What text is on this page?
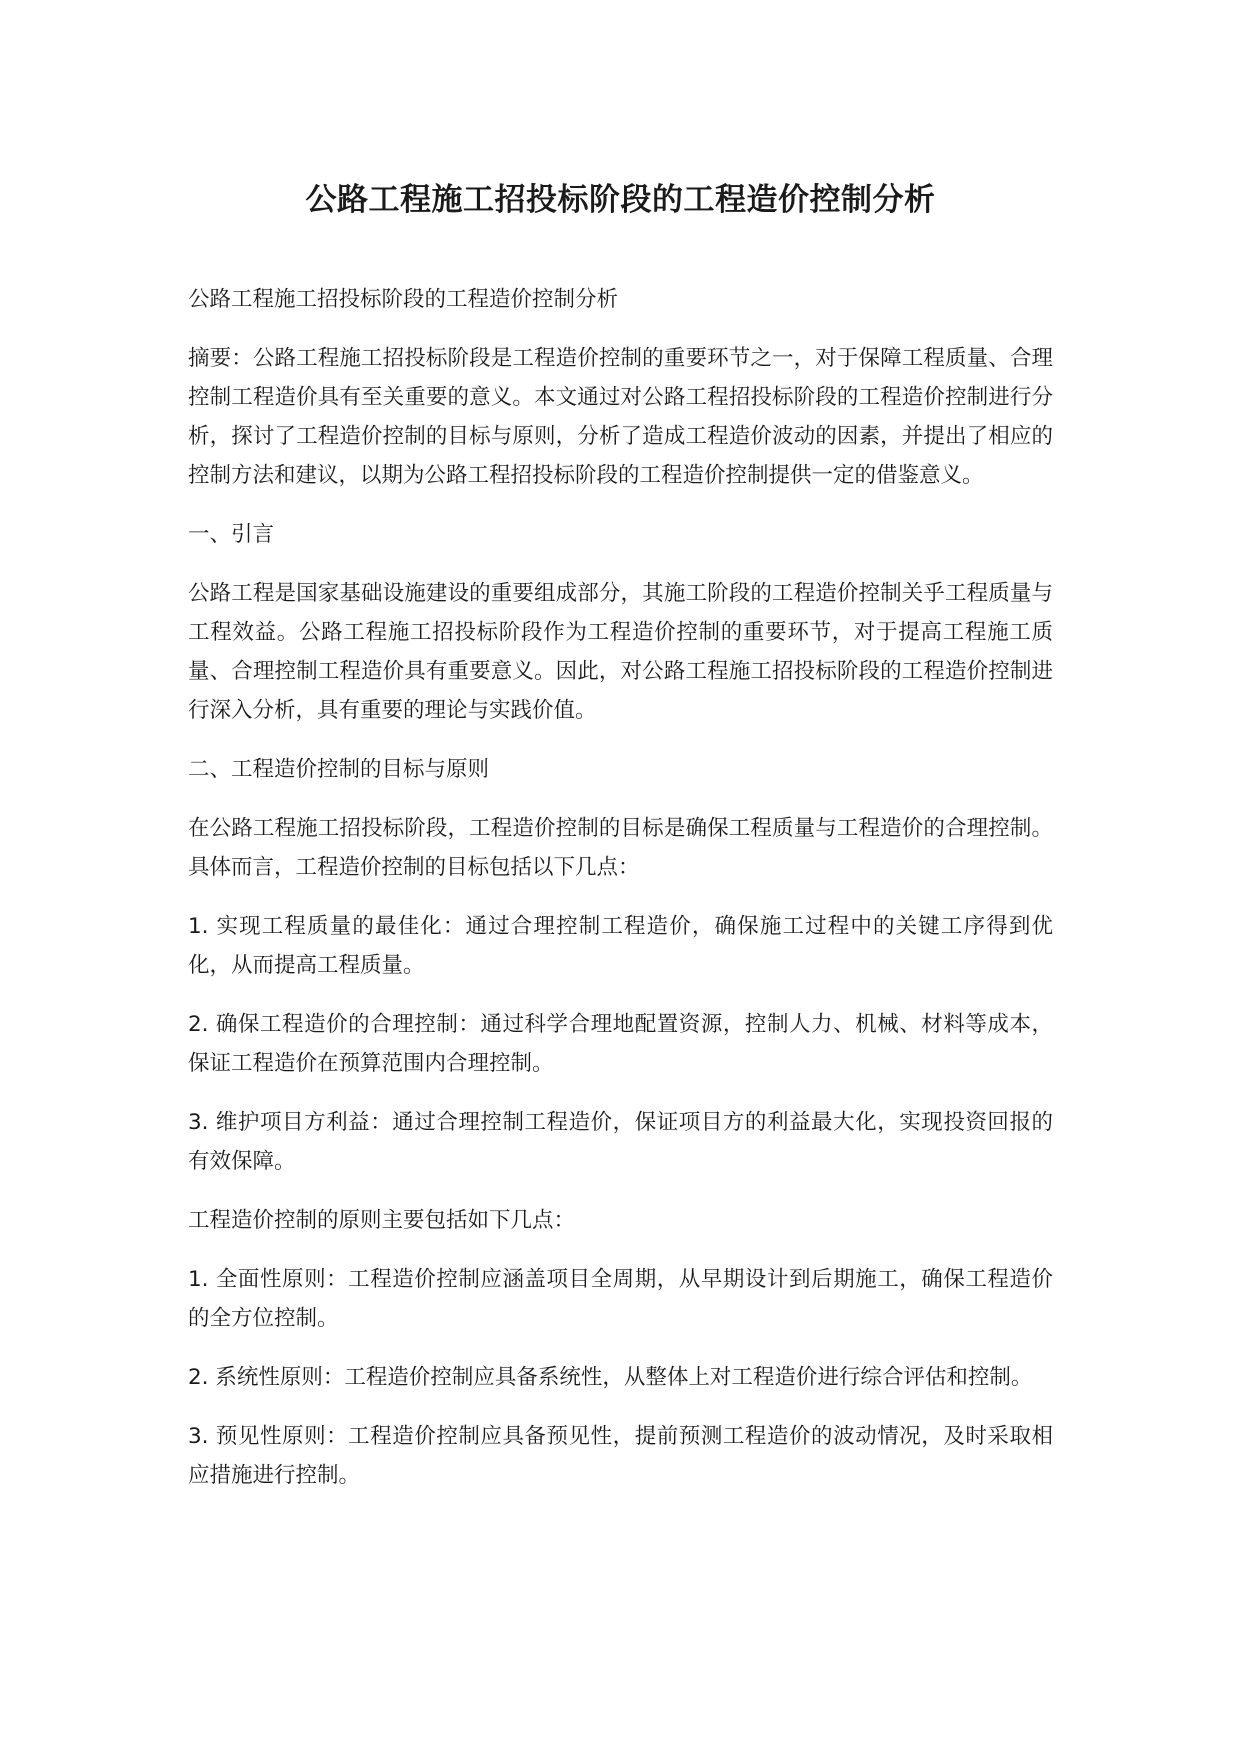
公路工程施工招投标阶段的工程造价控制分析

公路工程施工招投标阶段的工程造价控制分析

摘要：公路工程施工招投标阶段是工程造价控制的重要环节之一，对于保障工程质量、合理控制工程造价具有至关重要的意义。本文通过对公路工程招投标阶段的工程造价控制进行分析，探讨了工程造价控制的目标与原则，分析了造成工程造价波动的因素，并提出了相应的控制方法和建议，以期为公路工程招投标阶段的工程造价控制提供一定的借鉴意义。

一、引言

公路工程是国家基础设施建设的重要组成部分，其施工阶段的工程造价控制关乎工程质量与工程效益。公路工程施工招投标阶段作为工程造价控制的重要环节，对于提高工程施工质量、合理控制工程造价具有重要意义。因此，对公路工程施工招投标阶段的工程造价控制进行深入分析，具有重要的理论与实践价值。

二、工程造价控制的目标与原则

在公路工程施工招投标阶段，工程造价控制的目标是确保工程质量与工程造价的合理控制。具体而言，工程造价控制的目标包括以下几点：

1. 实现工程质量的最佳化：通过合理控制工程造价，确保施工过程中的关键工序得到优化，从而提高工程质量。

2. 确保工程造价的合理控制：通过科学合理地配置资源，控制人力、机械、材料等成本，保证工程造价在预算范围内合理控制。

3. 维护项目方利益：通过合理控制工程造价，保证项目方的利益最大化，实现投资回报的有效保障。

工程造价控制的原则主要包括如下几点：

1. 全面性原则：工程造价控制应涵盖项目全周期，从早期设计到后期施工，确保工程造价的全方位控制。

2. 系统性原则：工程造价控制应具备系统性，从整体上对工程造价进行综合评估和控制。

3. 预见性原则：工程造价控制应具备预见性，提前预测工程造价的波动情况，及时采取相应措施进行控制。
